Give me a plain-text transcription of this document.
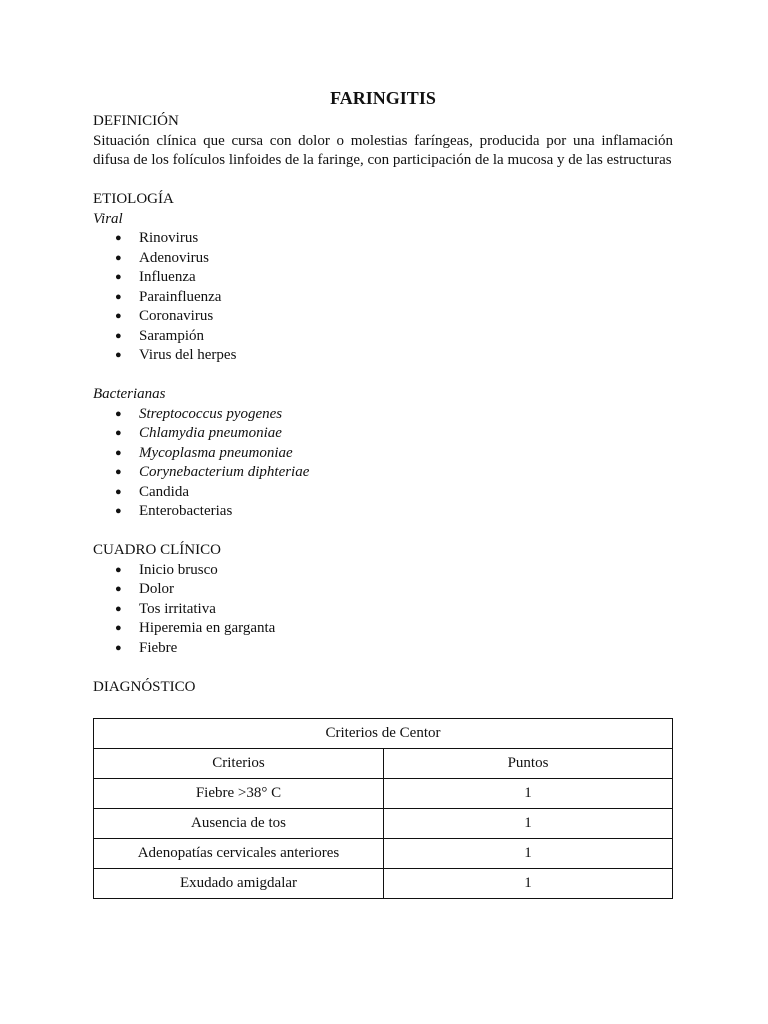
FARINGITIS

DEFINICIÓN

Situación clínica que cursa con dolor o molestias faríngeas, producida por una inflamación difusa de los folículos linfoides de la faringe, con participación de la mucosa y de las estructuras

ETIOLOGÍA

Viral

● Rinovirus
● Adenovirus
● Influenza
● Parainfluenza
● Coronavirus
● Sarampión
● Virus del herpes

Bacterianas

● Streptococcus pyogenes
● Chlamydia pneumoniae
● Mycoplasma pneumoniae
● Corynebacterium diphteriae
● Candida
● Enterobacterias

CUADRO CLÍNICO

● Inicio brusco
● Dolor
● Tos irritativa
● Hiperemia en garganta
● Fiebre

DIAGNÓSTICO

Criterios de Centor	
Criterios	Puntos
Fiebre >38° C	1
Ausencia de tos	1
Adenopatías cervicales anteriores	1
Exudado amigdalar	1
